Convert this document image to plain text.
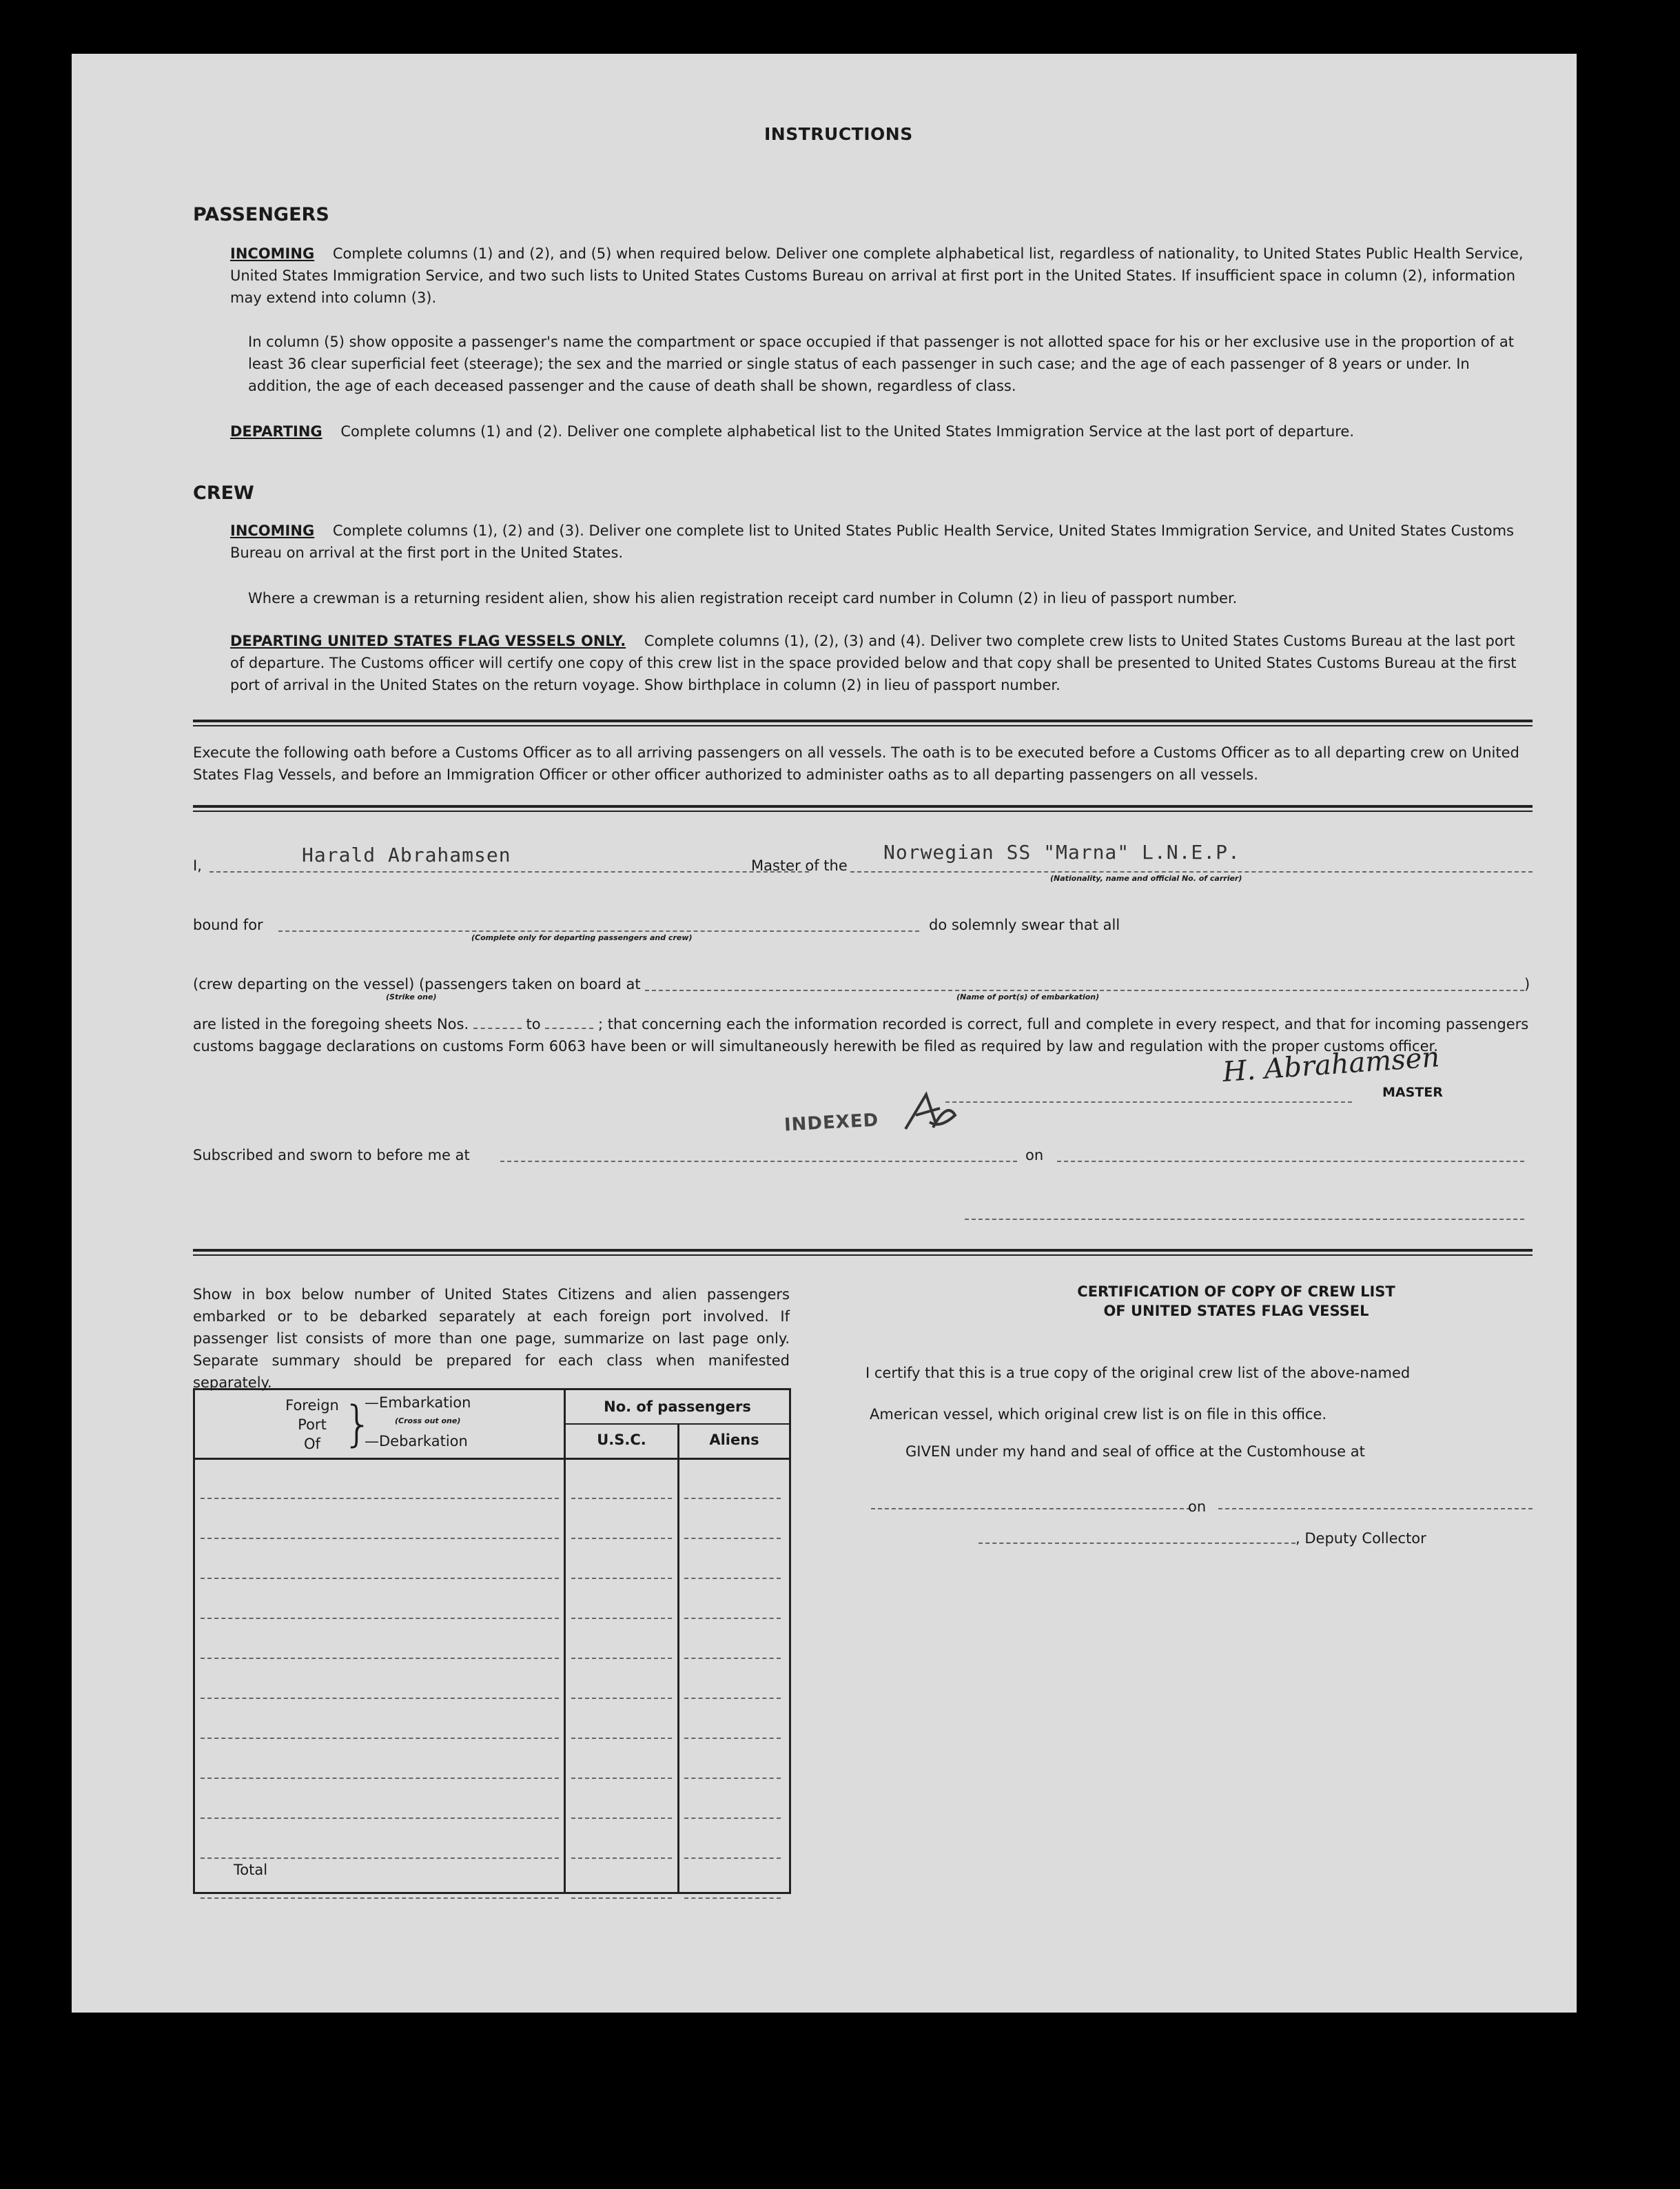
INSTRUCTIONS
PASSENGERS
INCOMING Complete columns (1) and (2), and (5) when required below. Deliver one complete alphabetical list, regardless of nationality, to United States Public Health Service, United States Immigration Service, and two such lists to United States Customs Bureau on arrival at first port in the United States. If insufficient space in column (2), information may extend into column (3).
In column (5) show opposite a passenger's name the compartment or space occupied if that passenger is not allotted space for his or her exclusive use in the proportion of at least 36 clear superficial feet (steerage); the sex and the married or single status of each passenger in such case; and the age of each passenger of 8 years or under. In addition, the age of each deceased passenger and the cause of death shall be shown, regardless of class.
DEPARTING Complete columns (1) and (2). Deliver one complete alphabetical list to the United States Immigration Service at the last port of departure.
CREW
INCOMING Complete columns (1), (2) and (3). Deliver one complete list to United States Public Health Service, United States Immigration Service, and United States Customs Bureau on arrival at the first port in the United States.
Where a crewman is a returning resident alien, show his alien registration receipt card number in Column (2) in lieu of passport number.
DEPARTING UNITED STATES FLAG VESSELS ONLY. Complete columns (1), (2), (3) and (4). Deliver two complete crew lists to United States Customs Bureau at the last port of departure. The Customs officer will certify one copy of this crew list in the space provided below and that copy shall be presented to United States Customs Bureau at the first port of arrival in the United States on the return voyage. Show birthplace in column (2) in lieu of passport number.
Execute the following oath before a Customs Officer as to all arriving passengers on all vessels. The oath is to be executed before a Customs Officer as to all departing crew on United States Flag Vessels, and before an Immigration Officer or other officer authorized to administer oaths as to all departing passengers on all vessels.
I,	Harald Abrahamsen	Master of the
Norwegian SS "Marna" L.N.E.P.
(Nationality, name and official No. of carrier)
bound for
(Complete only for departing passengers and crew)
do solemnly swear that all
(crew departing on the vessel) (passengers taken on board at
(Strike one)	(Name of port(s) of embarkation)
)
are listed in the foregoing sheets Nos.	to	; that concerning each the information recorded is correct, full and complete in every respect, and that for incoming passengers customs baggage declarations on customs Form 6063 have been or will simultaneously herewith be filed as required by law and regulation with the proper customs officer.
H. Abrahamsen
MASTER
INDEXED
Subscribed and sworn to before me at	on
Show in box below number of United States Citizens and alien passengers embarked or to be debarked separately at each foreign port involved. If passenger list consists of more than one page, summarize on last page only. Separate summary should be prepared for each class when manifested separately.
Foreign
Port
Of }
—Embarkation
(Cross out one)
—Debarkation
No. of passengers
U.S.C.	Aliens
Total
CERTIFICATION OF COPY OF CREW LIST
OF UNITED STATES FLAG VESSEL
I certify that this is a true copy of the original crew list of the above-named
American vessel, which original crew list is on file in this office.
GIVEN under my hand and seal of office at the Customhouse at
on
, Deputy Collector
